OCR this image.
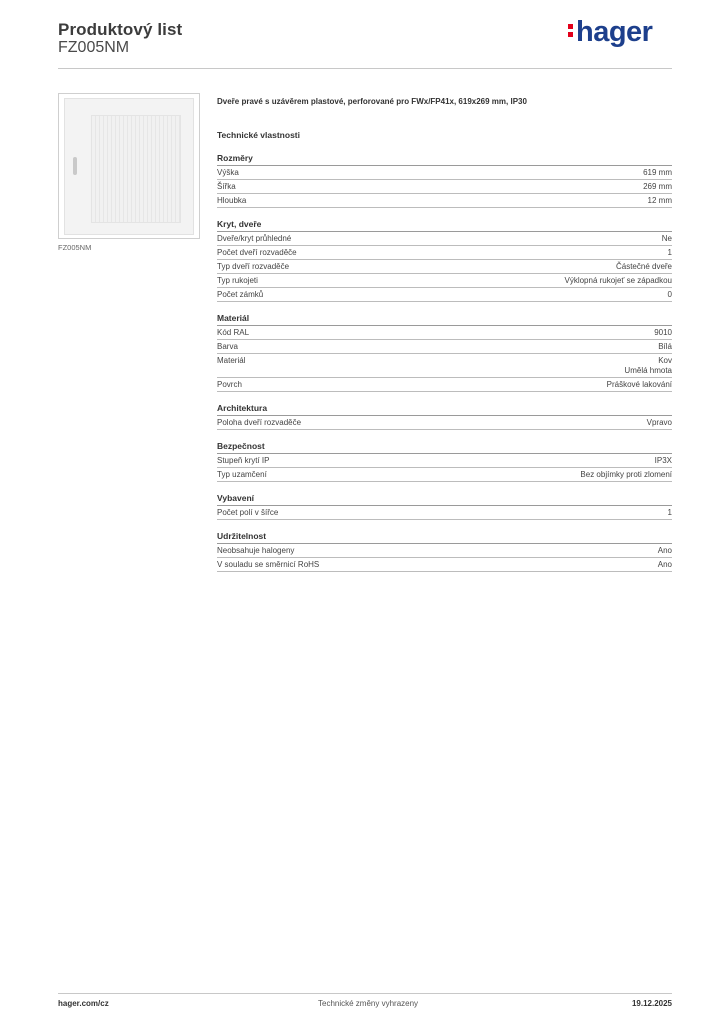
Produktový list
FZ005NM	hager
FZ005NM
Dveře pravé s uzávěrem plastové, perforované pro FWx/FP41x, 619x269 mm, IP30
Technické vlastnosti
Rozměry
Výška	619 mm
Šířka	269 mm
Hloubka	12 mm
Kryt, dveře
Dveře/kryt průhledné	Ne
Počet dveří rozvaděče	1
Typ dveří rozvaděče	Částečné dveře
Typ rukojeti	Výklopná rukojeť se západkou
Počet zámků	0
Materiál
Kód RAL	9010
Barva	Bílá
Materiál	Kov
Umělá hmota
Povrch	Práškové lakování
Architektura
Poloha dveří rozvaděče	Vpravo
Bezpečnost
Stupeň krytí IP	IP3X
Typ uzamčení	Bez objímky proti zlomení
Vybavení
Počet polí v šířce	1
Udržitelnost
Neobsahuje halogeny	Ano
V souladu se směrnicí RoHS	Ano
hager.com/cz	Technické změny vyhrazeny	19.12.2025
